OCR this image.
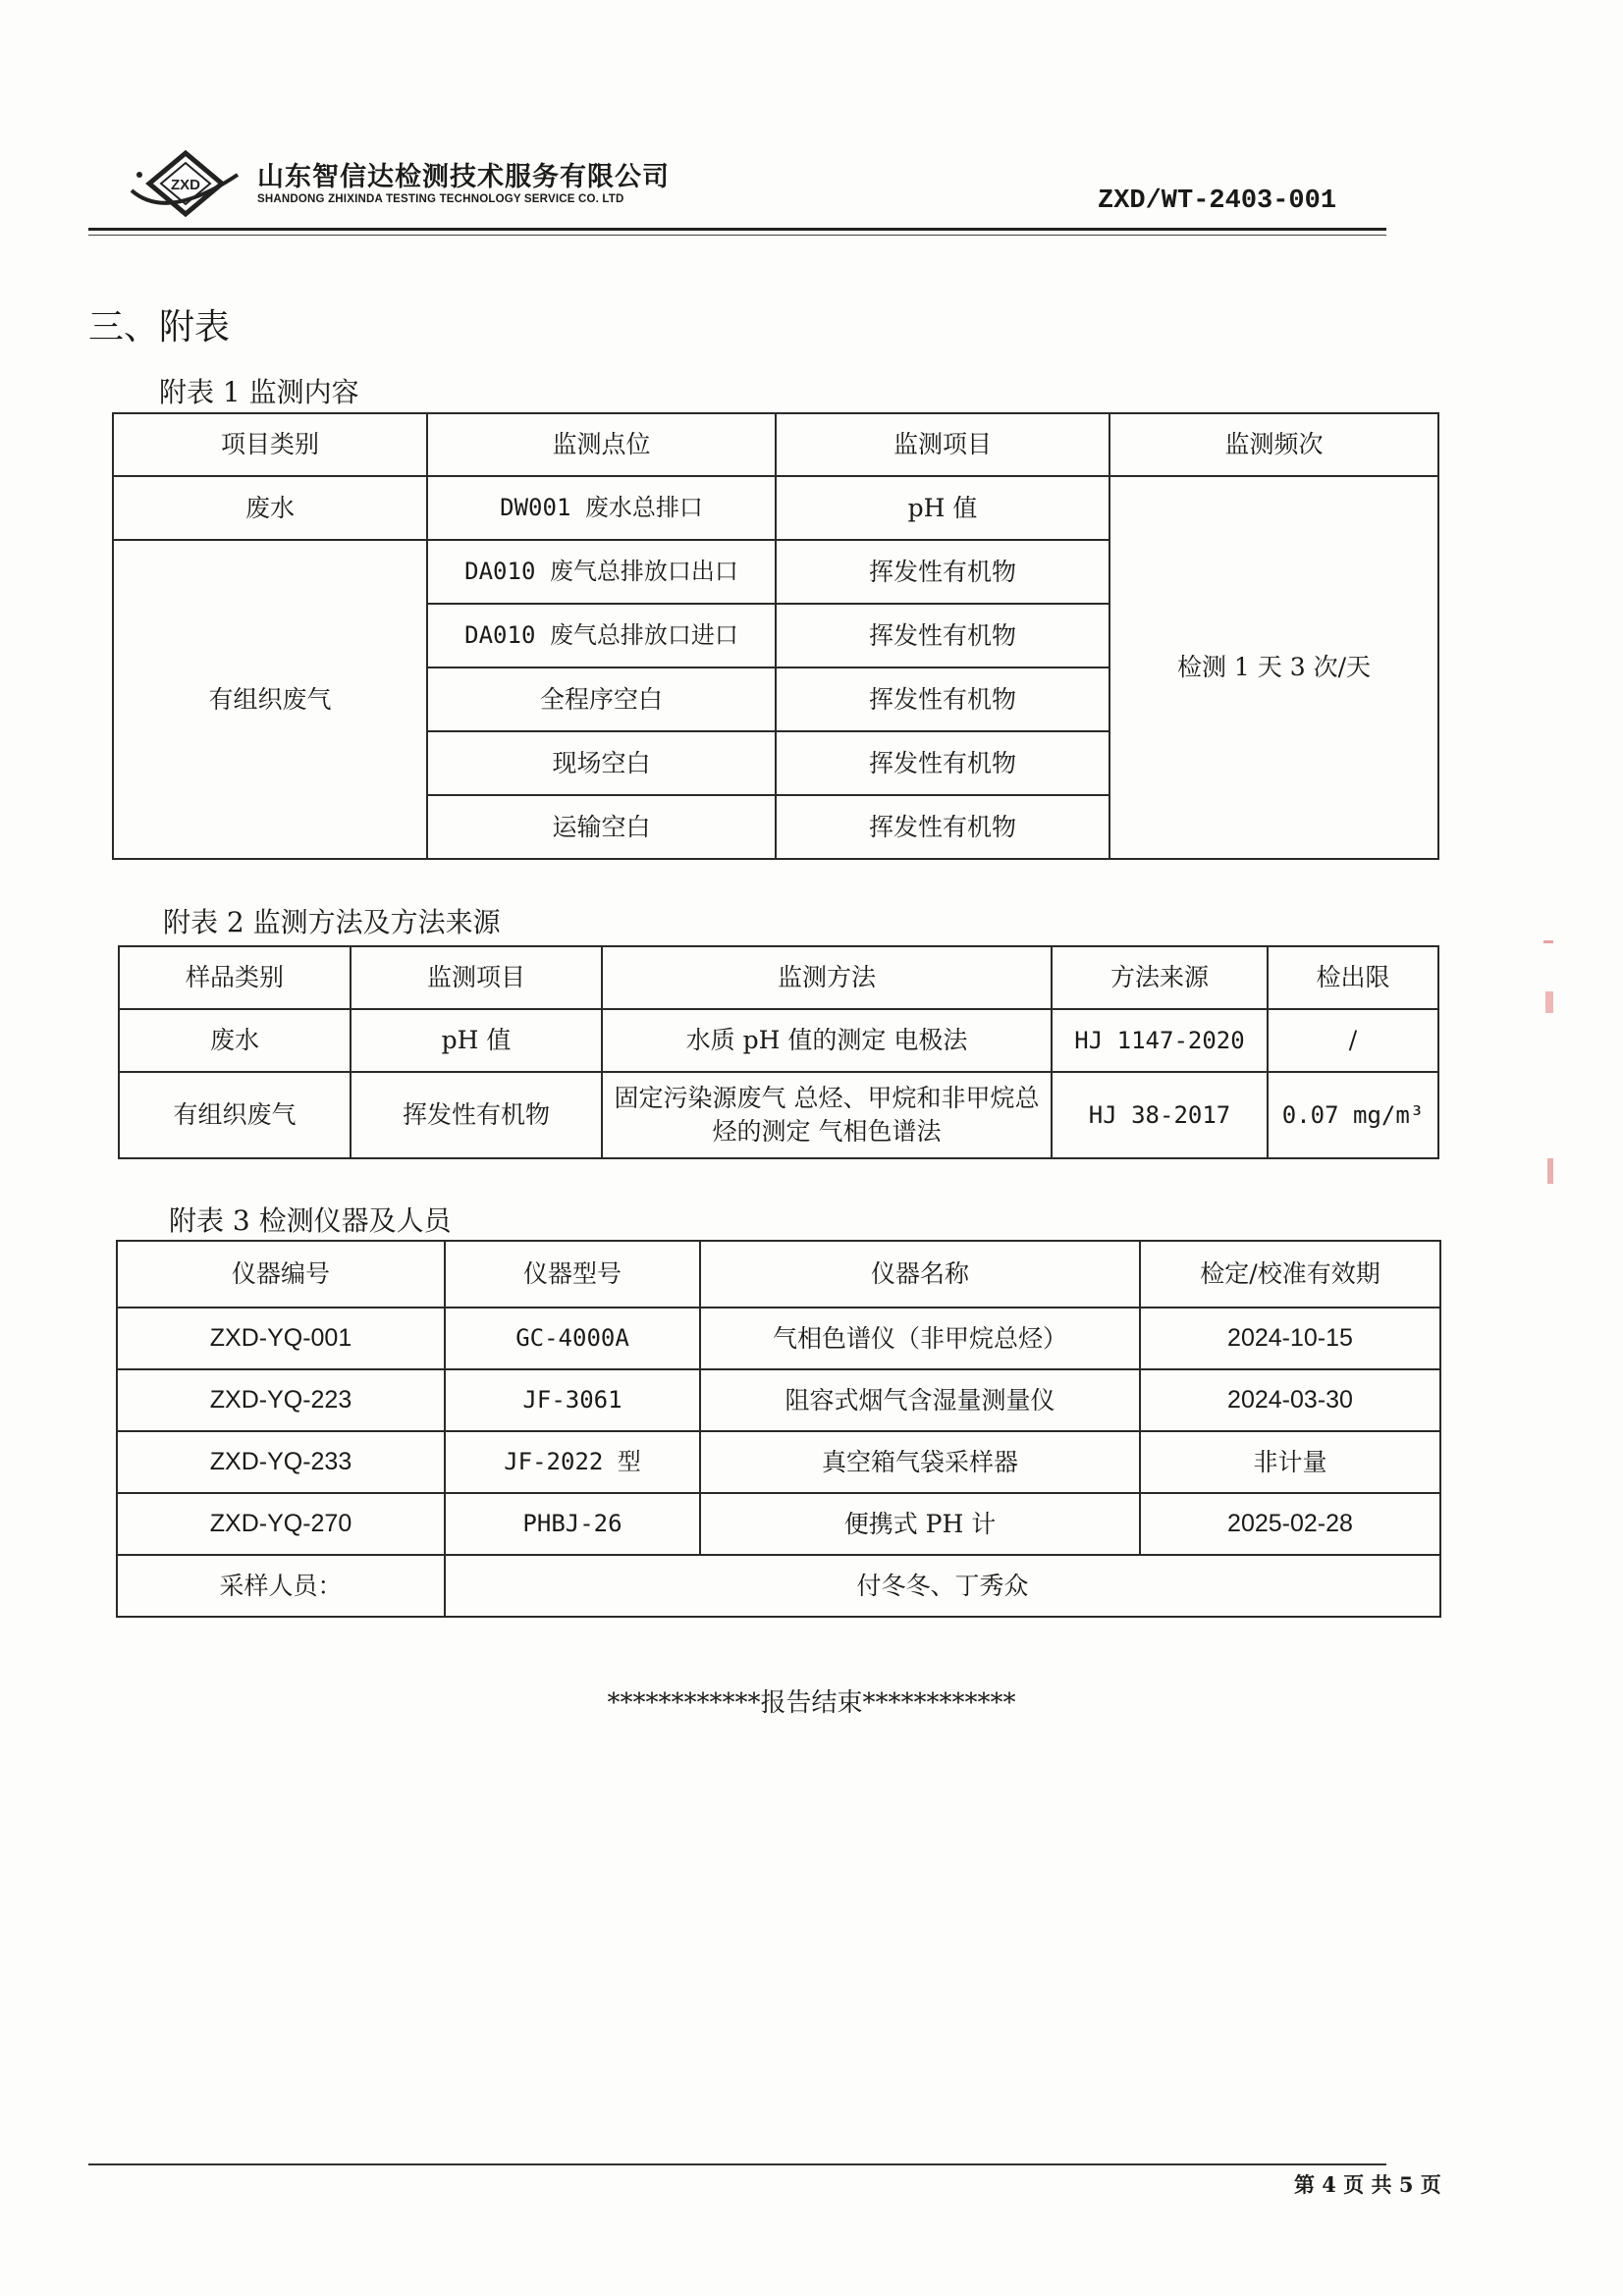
ZXD 山东智信达检测技术服务有限公司
SHANDONG ZHIXINDA TESTING TECHNOLOGY SERVICE CO. LTD	ZXD/WT-2403-001
三、附表
附表 1 监测内容
项目类别	监测点位	监测项目	监测频次
废水	DW001 废水总排口	pH 值	检测 1 天 3 次/天
有组织废气	DA010 废气总排放口出口	挥发性有机物	
	DA010 废气总排放口进口	挥发性有机物	
	全程序空白	挥发性有机物	
	现场空白	挥发性有机物	
	运输空白	挥发性有机物	
附表 2 监测方法及方法来源
样品类别	监测项目	监测方法	方法来源	检出限
废水	pH 值	水质 pH 值的测定 电极法	HJ 1147-2020	/
有组织废气	挥发性有机物	固定污染源废气 总烃、甲烷和非甲烷总烃的测定 气相色谱法	HJ 38-2017	0.07 mg/m³
附表 3 检测仪器及人员
仪器编号	仪器型号	仪器名称	检定/校准有效期
ZXD-YQ-001	GC-4000A	气相色谱仪（非甲烷总烃）	2024-10-15
ZXD-YQ-223	JF-3061	阻容式烟气含湿量测量仪	2024-03-30
ZXD-YQ-233	JF-2022 型	真空箱气袋采样器	非计量
ZXD-YQ-270	PHBJ-26	便携式 PH 计	2025-02-28
采样人员：	付冬冬、丁秀众		
************报告结束************
第 4 页 共 5 页
